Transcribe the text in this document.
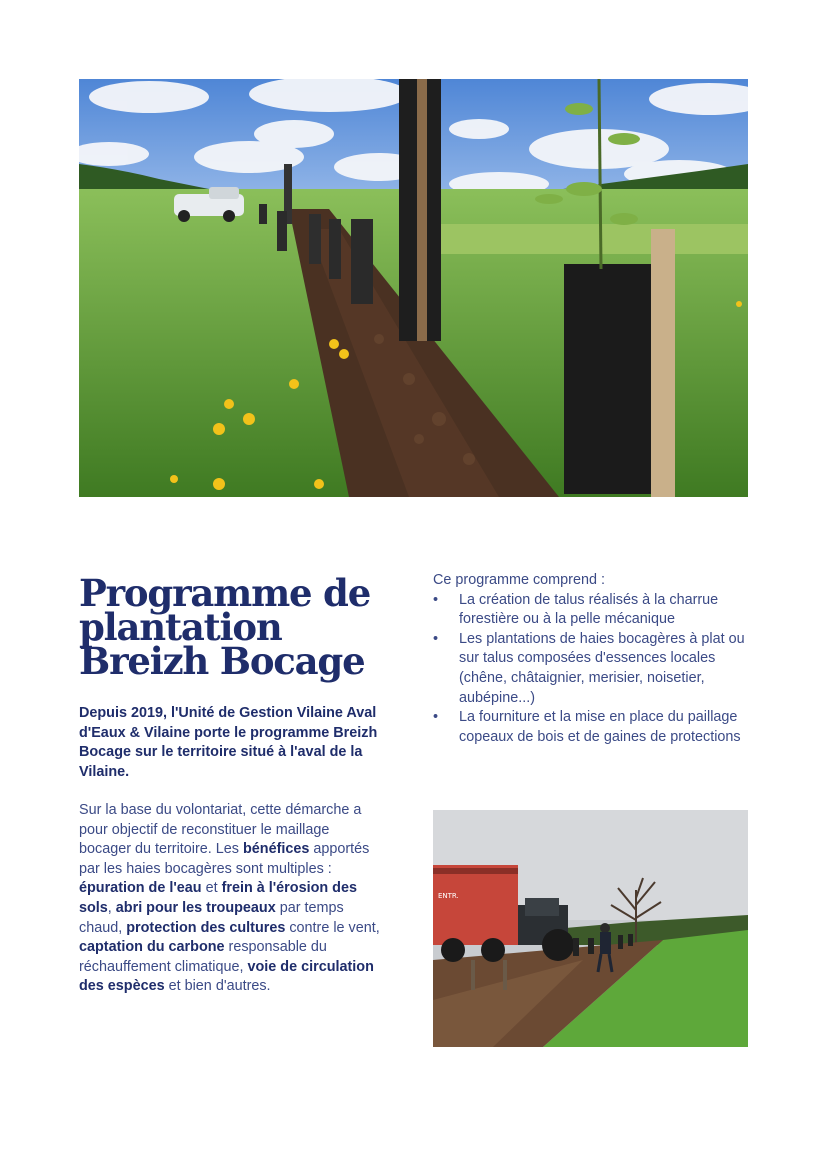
Programme de
plantation
Breizh Bocage

Depuis 2019, l'Unité de Gestion Vilaine Aval d'Eaux & Vilaine porte le programme Breizh Bocage sur le territoire situé à l'aval de la Vilaine.

Sur la base du volontariat, cette démarche a pour objectif de reconstituer le maillage bocager du territoire. Les bénéfices apportés par les haies bocagères sont multiples : épuration de l'eau et frein à l'érosion des sols, abri pour les troupeaux par temps chaud, protection des cultures contre le vent, captation du carbone responsable du réchauffement climatique, voie de circulation des espèces et bien d'autres.

Ce programme comprend :

• La création de talus réalisés à la charrue forestière ou à la pelle mécanique
• Les plantations de haies bocagères à plat ou sur talus composées d'essences locales (chêne, châtaignier, merisier, noisetier, aubépine...)
• La fourniture et la mise en place du paillage copeaux de bois et de gaines de protections
ENTR.
